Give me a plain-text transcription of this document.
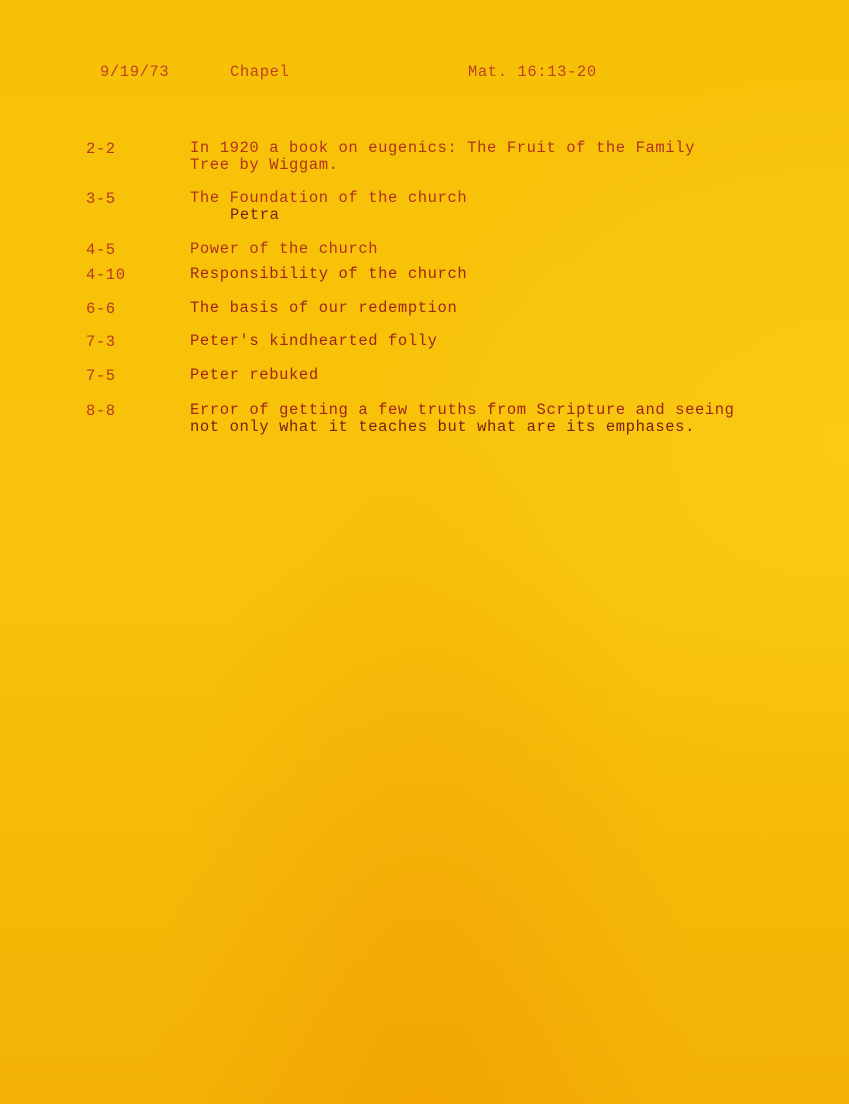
9/19/73	Chapel	Mat. 16:13-20
2-2	In 1920 a book on eugenics: The Fruit of the Family
Tree by Wiggam.
3-5	The Foundation of the church
Petra
4-5	Power of the church
4-10	Responsibility of the church
6-6	The basis of our redemption
7-3	Peter's kindhearted folly
7-5	Peter rebuked
8-8	Error of getting a few truths from Scripture and seeing
not only what it teaches but what are its emphases.
